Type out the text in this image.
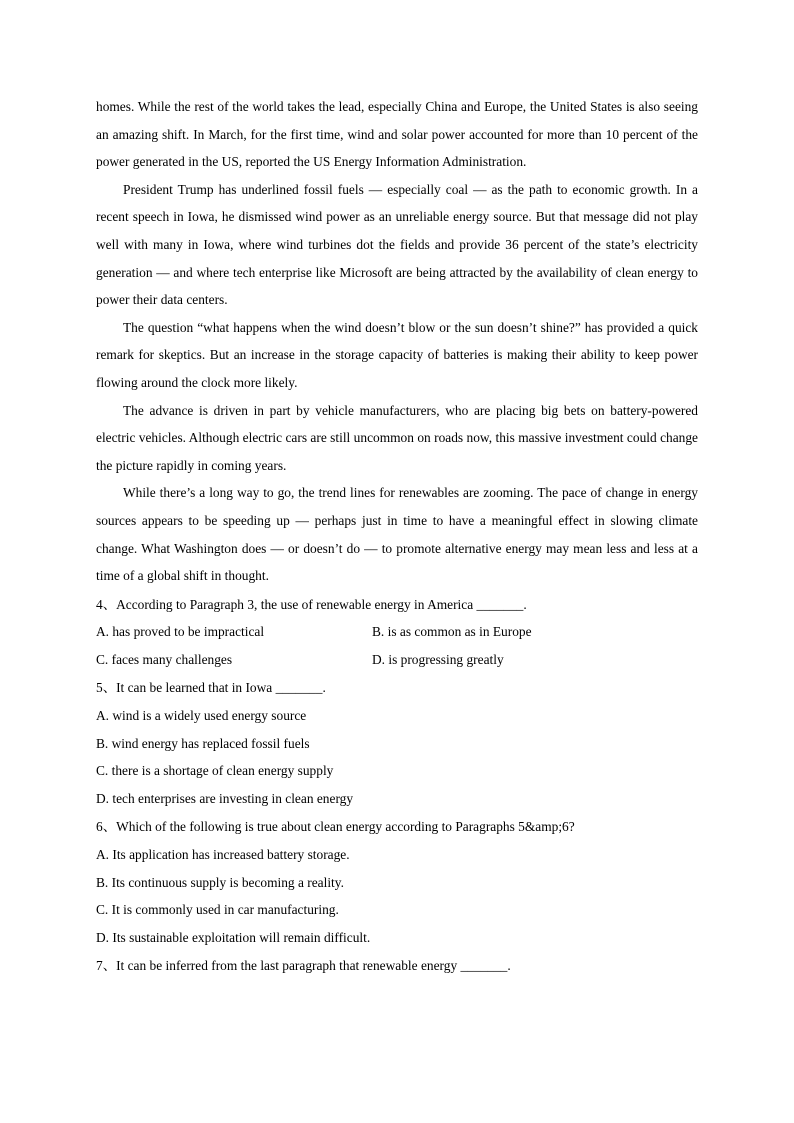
homes. While the rest of the world takes the lead, especially China and Europe, the United States is also seeing an amazing shift. In March, for the first time, wind and solar power accounted for more than 10 percent of the power generated in the US, reported the US Energy Information Administration.

President Trump has underlined fossil fuels — especially coal — as the path to economic growth. In a recent speech in Iowa, he dismissed wind power as an unreliable energy source. But that message did not play well with many in Iowa, where wind turbines dot the fields and provide 36 percent of the state’s electricity generation — and where tech enterprise like Microsoft are being attracted by the availability of clean energy to power their data centers.

The question “what happens when the wind doesn’t blow or the sun doesn’t shine?” has provided a quick remark for skeptics. But an increase in the storage capacity of batteries is making their ability to keep power flowing around the clock more likely.

The advance is driven in part by vehicle manufacturers, who are placing big bets on battery-powered electric vehicles. Although electric cars are still uncommon on roads now, this massive investment could change the picture rapidly in coming years.

While there’s a long way to go, the trend lines for renewables are zooming. The pace of change in energy sources appears to be speeding up — perhaps just in time to have a meaningful effect in slowing climate change. What Washington does — or doesn’t do — to promote alternative energy may mean less and less at a time of a global shift in thought.

4、According to Paragraph 3, the use of renewable energy in America _______.

A. has proved to be impractical	B. is as common as in Europe
C. faces many challenges	D. is progressing greatly

5、It can be learned that in Iowa _______.

A. wind is a widely used energy source

B. wind energy has replaced fossil fuels

C. there is a shortage of clean energy supply

D. tech enterprises are investing in clean energy

6、Which of the following is true about clean energy according to Paragraphs 5&amp;6?

A. Its application has increased battery storage.

B. Its continuous supply is becoming a reality.

C. It is commonly used in car manufacturing.

D. Its sustainable exploitation will remain difficult.

7、It can be inferred from the last paragraph that renewable energy _______.
